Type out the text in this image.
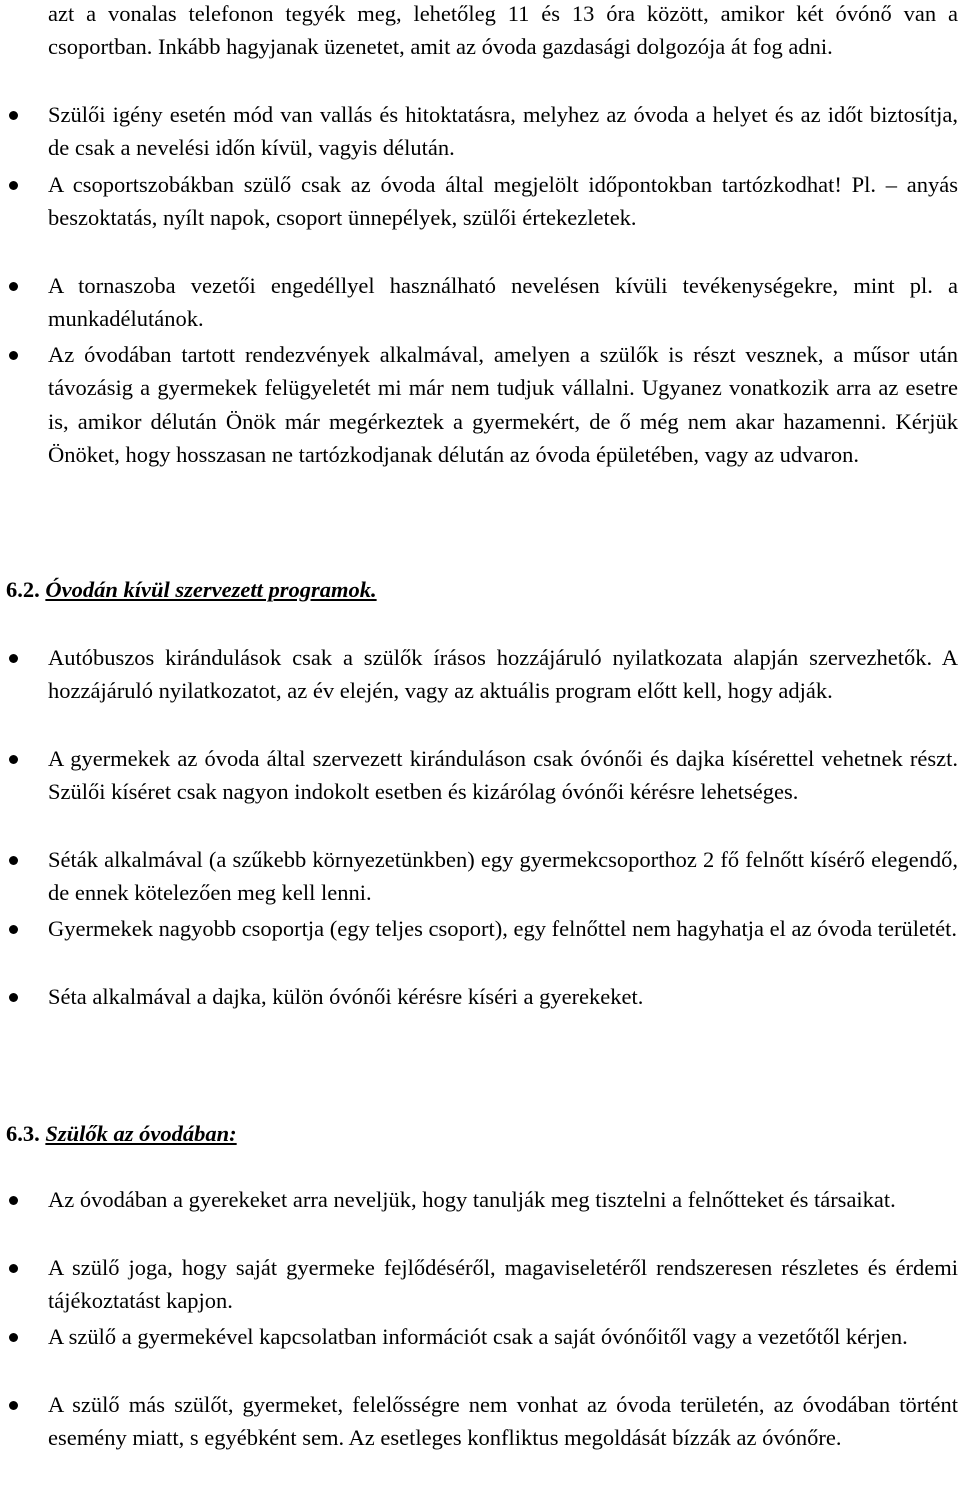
azt a vonalas telefonon tegyék meg, lehetőleg 11 és 13 óra között, amikor két óvónő van a csoportban. Inkább hagyjanak üzenetet, amit az óvoda gazdasági dolgozója át fog adni.
Szülői igény esetén mód van vallás és hitoktatásra, melyhez az óvoda a helyet és az időt biztosítja, de csak a nevelési időn kívül, vagyis délután.
A csoportszobákban szülő csak az óvoda által megjelölt időpontokban tartózkodhat! Pl. – anyás beszoktatás, nyílt napok, csoport ünnepélyek, szülői értekezletek.
A tornaszoba vezetői engedéllyel használható nevelésen kívüli tevékenységekre, mint pl. a munkadélutánok.
Az óvodában tartott rendezvények alkalmával, amelyen a szülők is részt vesznek, a műsor után távozásig a gyermekek felügyeletét mi már nem tudjuk vállalni. Ugyanez vonatkozik arra az esetre is, amikor délután Önök már megérkeztek a gyermekért, de ő még nem akar hazamenni. Kérjük Önöket, hogy hosszasan ne tartózkodjanak délután az óvoda épületében, vagy az udvaron.
6.2. Óvodán kívül szervezett programok.
Autóbuszos kirándulások csak a szülők írásos hozzájáruló nyilatkozata alapján szervezhetők. A hozzájáruló nyilatkozatot, az év elején, vagy az aktuális program előtt kell, hogy adják.
A gyermekek az óvoda által szervezett kiránduláson csak óvónői és dajka kísérettel vehetnek részt. Szülői kíséret csak nagyon indokolt esetben és kizárólag óvónői kérésre lehetséges.
Séták alkalmával (a szűkebb környezetünkben) egy gyermekcsoporthoz 2 fő felnőtt kísérő elegendő, de ennek kötelezően meg kell lenni.
Gyermekek nagyobb csoportja (egy teljes csoport), egy felnőttel nem hagyhatja el az óvoda területét.
Séta alkalmával a dajka, külön óvónői kérésre kíséri a gyerekeket.
6.3. Szülők az óvodában:
Az óvodában a gyerekeket arra neveljük, hogy tanulják meg tisztelni a felnőtteket és társaikat.
A szülő joga, hogy saját gyermeke fejlődéséről, magaviseletéről rendszeresen részletes és érdemi tájékoztatást kapjon.
A szülő a gyermekével kapcsolatban információt csak a saját óvónőitől vagy a vezetőtől kérjen.
A szülő más szülőt, gyermeket, felelősségre nem vonhat az óvoda területén, az óvodában történt esemény miatt, s egyébként sem. Az esetleges konfliktus megoldását bízzák az óvónőre.
